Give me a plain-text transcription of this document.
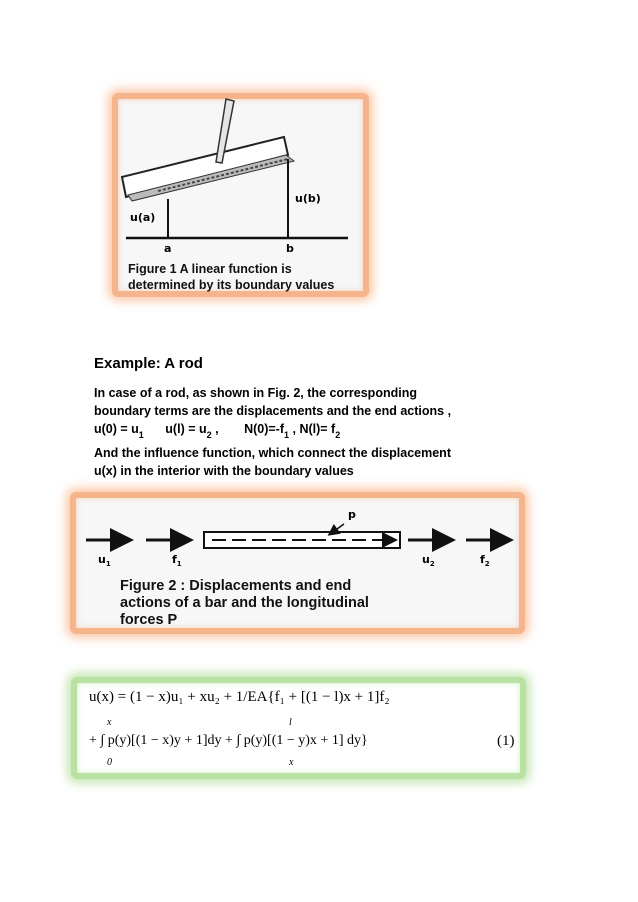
u(a)
u(b)
a	b
Figure 1 A linear function is
determined by its boundary values
Example: A rod
In case of a rod, as shown in Fig. 2, the corresponding
boundary terms are the displacements and the end actions ,
$u(0) = u_1$ $u(l) = u_2$ , $N(0)=-f_1$ , $N(l)= f_2$
And the influence function, which connect the displacement
u(x) in the interior with the boundary values
p
$u_1$	$f_1$	$u_2$	$f_2$
Figure 2 : Displacements and end
actions of a bar and the longitudinal
forces P
u(x) = (1 − x)u₁ + xu₂ + 1/EA{f₁ + [(1 − l)x + 1]f₂
+ ∫ p(y)[(1 − x)y + 1]dy + ∫ p(y)[(1 − y)x + 1] dy}
x
0
l
x
(1)
